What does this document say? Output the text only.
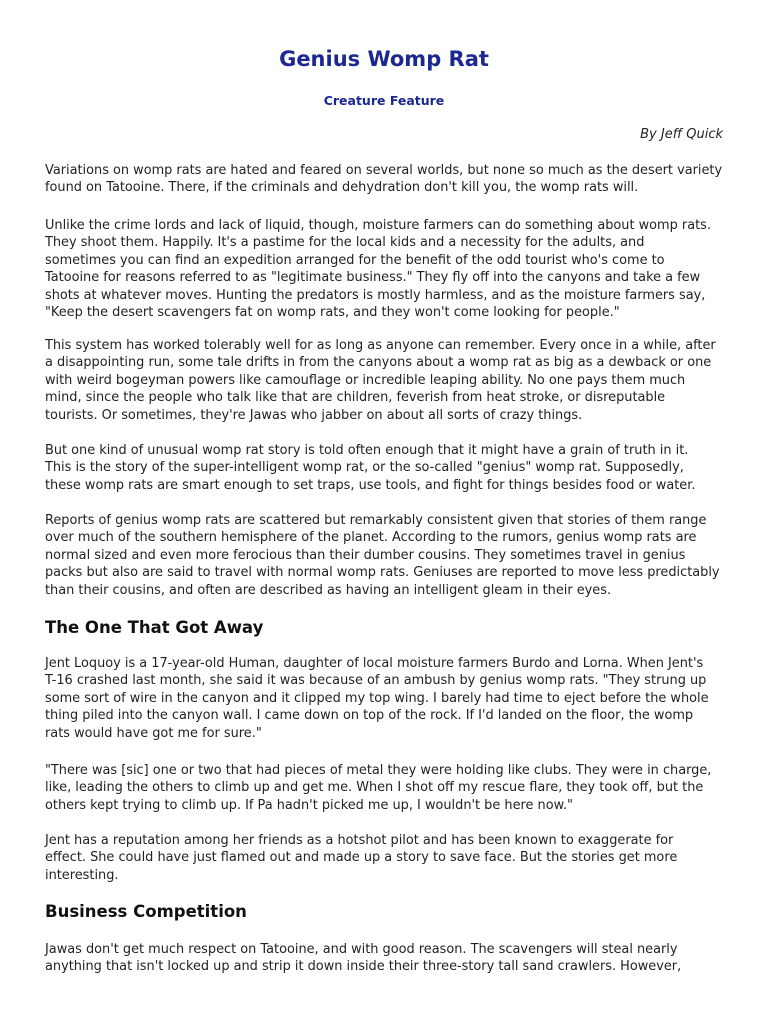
Genius Womp Rat
Creature Feature

By Jeff Quick

Variations on womp rats are hated and feared on several worlds, but none so much as the desert variety
found on Tatooine. There, if the criminals and dehydration don't kill you, the womp rats will.

Unlike the crime lords and lack of liquid, though, moisture farmers can do something about womp rats.
They shoot them. Happily. It's a pastime for the local kids and a necessity for the adults, and
sometimes you can find an expedition arranged for the benefit of the odd tourist who's come to
Tatooine for reasons referred to as "legitimate business." They fly off into the canyons and take a few
shots at whatever moves. Hunting the predators is mostly harmless, and as the moisture farmers say,
"Keep the desert scavengers fat on womp rats, and they won't come looking for people."

This system has worked tolerably well for as long as anyone can remember. Every once in a while, after
a disappointing run, some tale drifts in from the canyons about a womp rat as big as a dewback or one
with weird bogeyman powers like camouflage or incredible leaping ability. No one pays them much
mind, since the people who talk like that are children, feverish from heat stroke, or disreputable
tourists. Or sometimes, they're Jawas who jabber on about all sorts of crazy things.

But one kind of unusual womp rat story is told often enough that it might have a grain of truth in it.
This is the story of the super-intelligent womp rat, or the so-called "genius" womp rat. Supposedly,
these womp rats are smart enough to set traps, use tools, and fight for things besides food or water.

Reports of genius womp rats are scattered but remarkably consistent given that stories of them range
over much of the southern hemisphere of the planet. According to the rumors, genius womp rats are
normal sized and even more ferocious than their dumber cousins. They sometimes travel in genius
packs but also are said to travel with normal womp rats. Geniuses are reported to move less predictably
than their cousins, and often are described as having an intelligent gleam in their eyes.

The One That Got Away

Jent Loquoy is a 17-year-old Human, daughter of local moisture farmers Burdo and Lorna. When Jent's
T-16 crashed last month, she said it was because of an ambush by genius womp rats. "They strung up
some sort of wire in the canyon and it clipped my top wing. I barely had time to eject before the whole
thing piled into the canyon wall. I came down on top of the rock. If I'd landed on the floor, the womp
rats would have got me for sure."

"There was [sic] one or two that had pieces of metal they were holding like clubs. They were in charge,
like, leading the others to climb up and get me. When I shot off my rescue flare, they took off, but the
others kept trying to climb up. If Pa hadn't picked me up, I wouldn't be here now."

Jent has a reputation among her friends as a hotshot pilot and has been known to exaggerate for
effect. She could have just flamed out and made up a story to save face. But the stories get more
interesting.

Business Competition

Jawas don't get much respect on Tatooine, and with good reason. The scavengers will steal nearly
anything that isn't locked up and strip it down inside their three-story tall sand crawlers. However,
